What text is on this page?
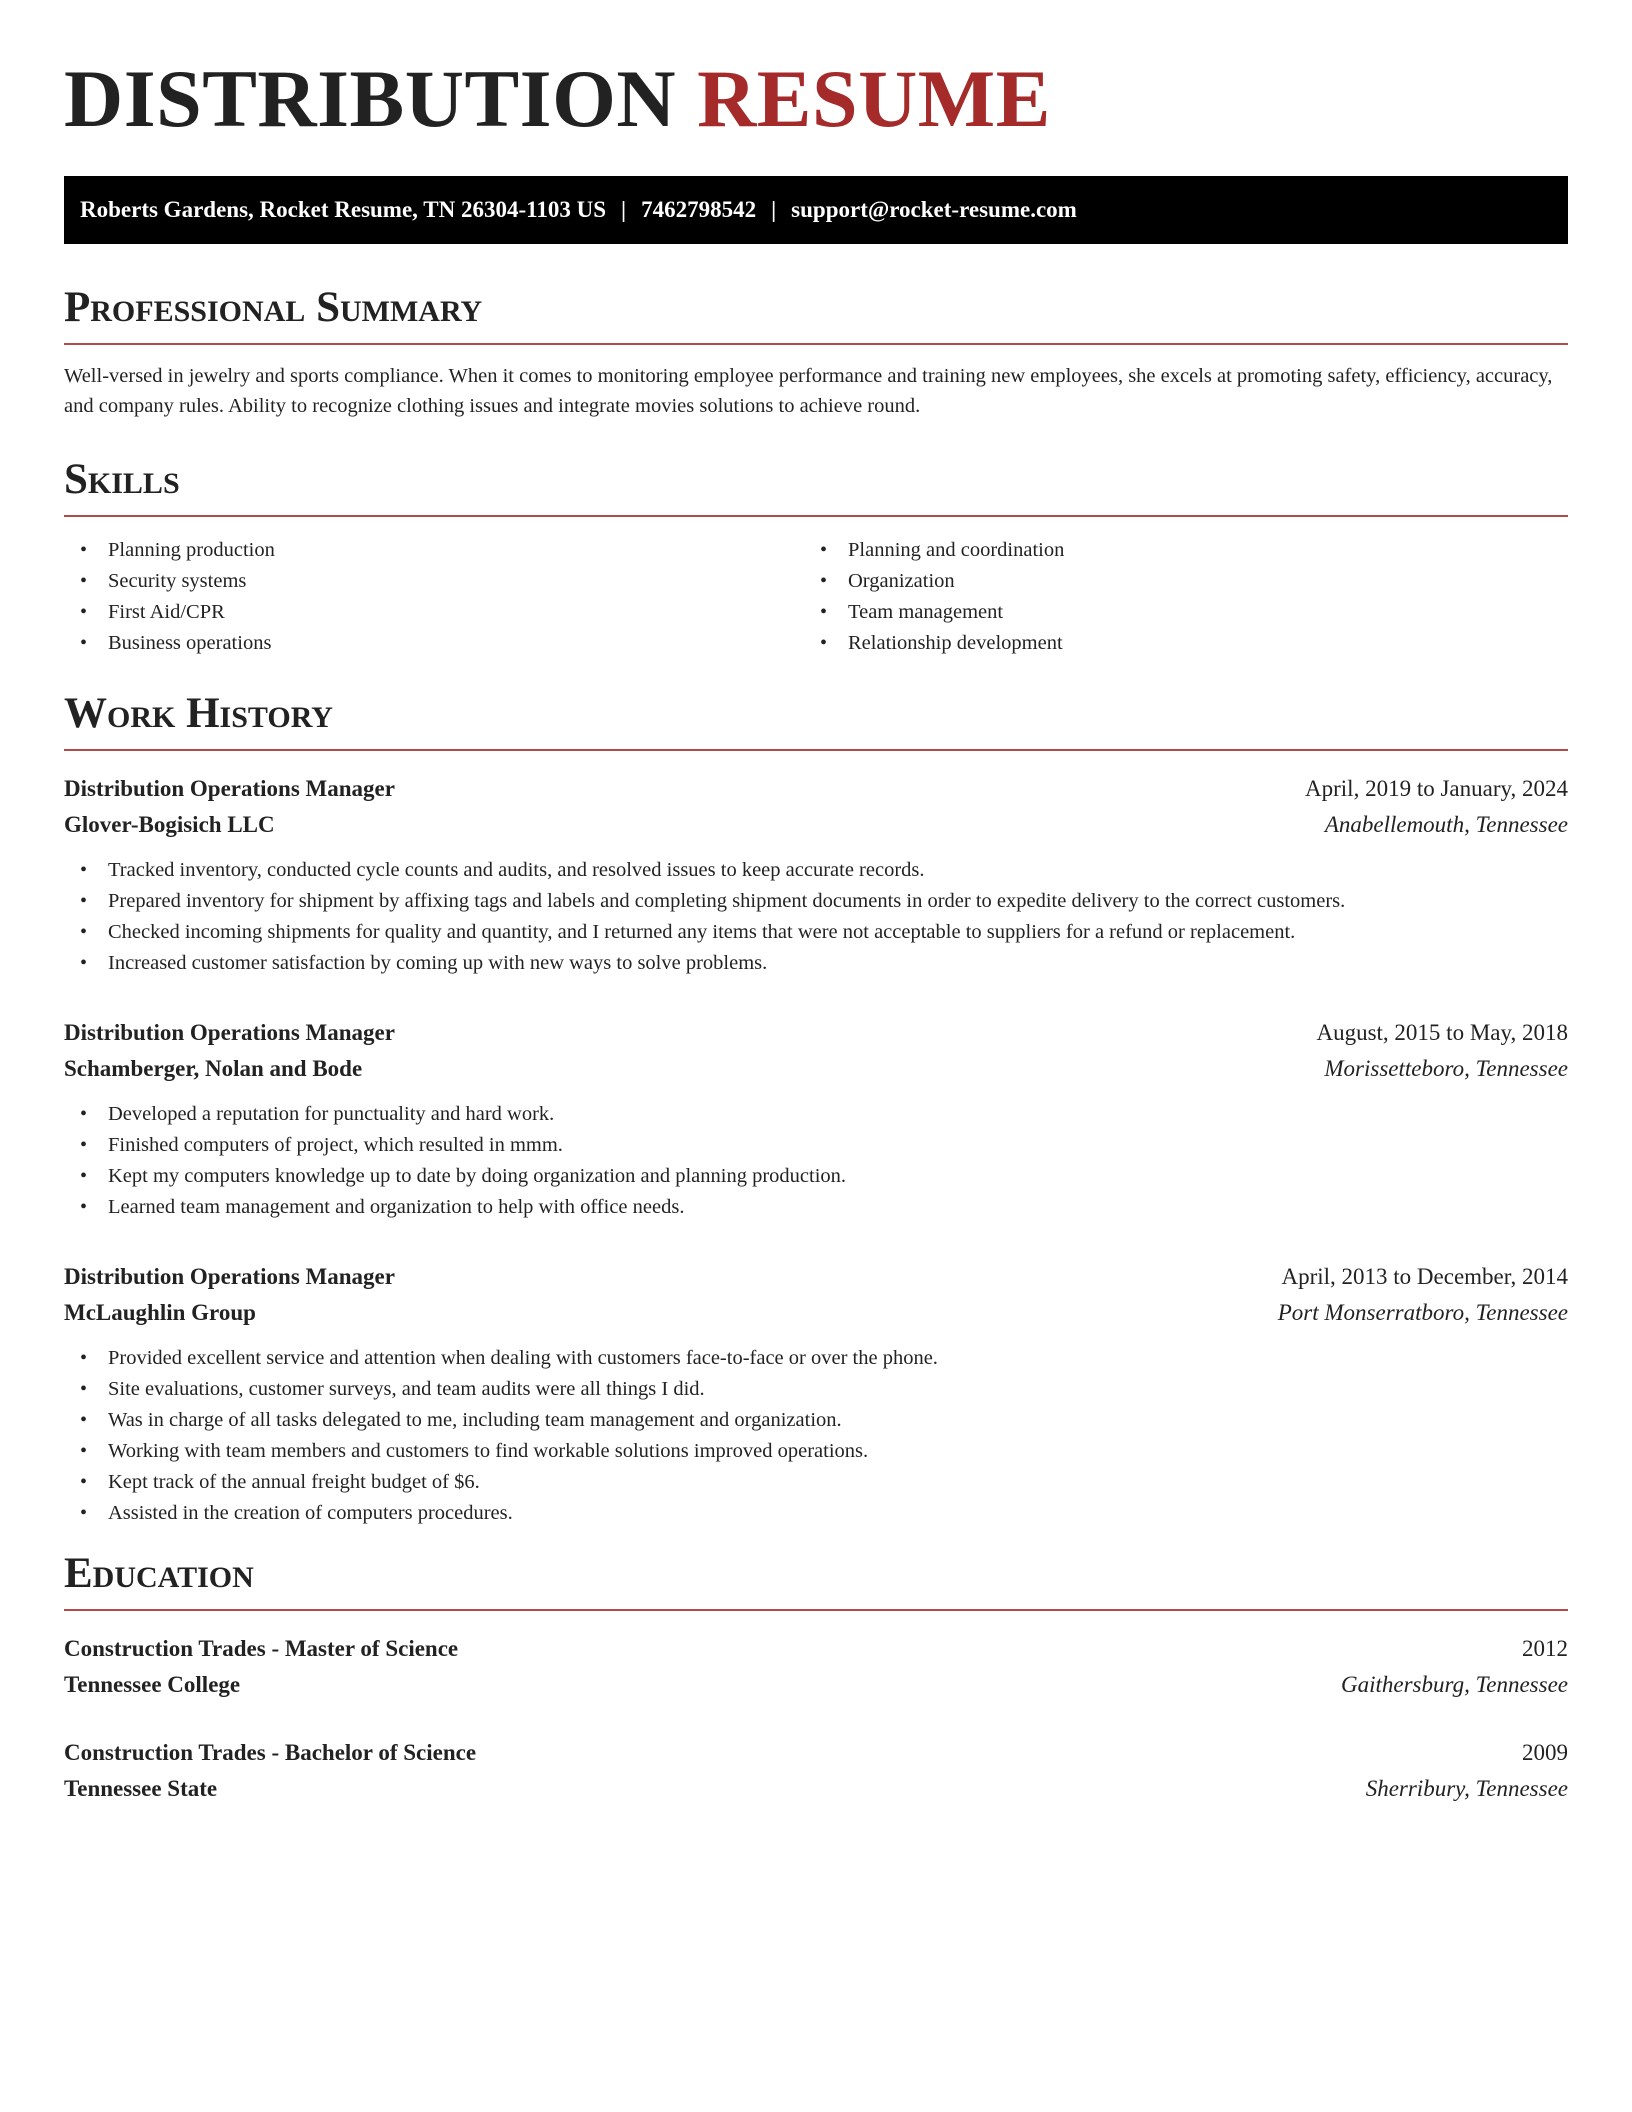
DISTRIBUTION RESUME
Roberts Gardens, Rocket Resume, TN 26304-1103 US | 7462798542 | support@rocket-resume.com
Professional Summary
Well-versed in jewelry and sports compliance. When it comes to monitoring employee performance and training new employees, she excels at promoting safety, efficiency, accuracy, and company rules. Ability to recognize clothing issues and integrate movies solutions to achieve round.
Skills
• Planning production
• Security systems
• First Aid/CPR
• Business operations
• Planning and coordination
• Organization
• Team management
• Relationship development
Work History
Distribution Operations Manager	April, 2019 to January, 2024
Glover-Bogisich LLC	Anabellemouth, Tennessee
• Tracked inventory, conducted cycle counts and audits, and resolved issues to keep accurate records.
• Prepared inventory for shipment by affixing tags and labels and completing shipment documents in order to expedite delivery to the correct customers.
• Checked incoming shipments for quality and quantity, and I returned any items that were not acceptable to suppliers for a refund or replacement.
• Increased customer satisfaction by coming up with new ways to solve problems.
Distribution Operations Manager	August, 2015 to May, 2018
Schamberger, Nolan and Bode	Morissetteboro, Tennessee
• Developed a reputation for punctuality and hard work.
• Finished computers of project, which resulted in mmm.
• Kept my computers knowledge up to date by doing organization and planning production.
• Learned team management and organization to help with office needs.
Distribution Operations Manager	April, 2013 to December, 2014
McLaughlin Group	Port Monserratboro, Tennessee
• Provided excellent service and attention when dealing with customers face-to-face or over the phone.
• Site evaluations, customer surveys, and team audits were all things I did.
• Was in charge of all tasks delegated to me, including team management and organization.
• Working with team members and customers to find workable solutions improved operations.
• Kept track of the annual freight budget of $6.
• Assisted in the creation of computers procedures.
Education
Construction Trades - Master of Science	2012
Tennessee College	Gaithersburg, Tennessee
Construction Trades - Bachelor of Science	2009
Tennessee State	Sherribury, Tennessee
